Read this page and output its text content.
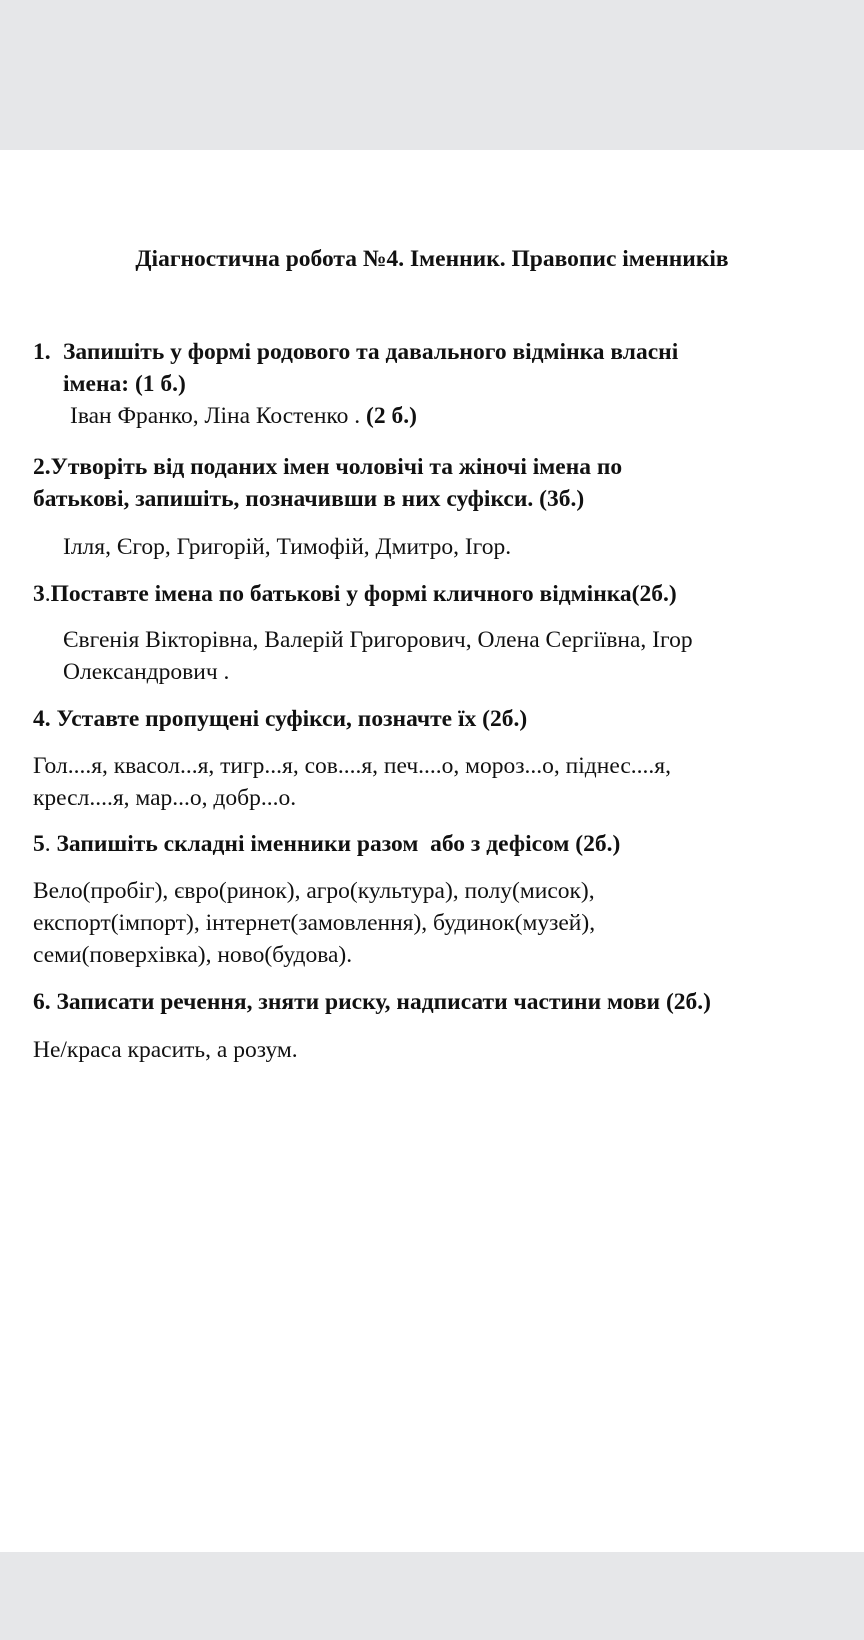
Діагностична робота №4. Іменник. Правопис іменників
1. Запишіть у формі родового та давального відмінка власні
імена: (1 б.)
Іван Франко, Ліна Костенко . (2 б.)
2.Утворіть від поданих імен чоловічі та жіночі імена по
батькові, запишіть, позначивши в них суфікси. (3б.)
Ілля, Єгор, Григорій, Тимофій, Дмитро, Ігор.
3.Поставте імена по батькові у формі кличного відмінка(2б.)
Євгенія Вікторівна, Валерій Григорович, Олена Сергіївна, Ігор
Олександрович .
4. Уставте пропущені суфікси, позначте їх (2б.)
Гол....я, квасол...я, тигр...я, сов....я, печ....о, мороз...о, піднес....я,
кресл....я, мар...о, добр...о.
5. Запишіть складні іменники разом  або з дефісом (2б.)
Вело(пробіг), євро(ринок), агро(культура), полу(мисок),
експорт(імпорт), інтернет(замовлення), будинок(музей),
семи(поверхівка), ново(будова).
6. Записати речення, зняти риску, надписати частини мови (2б.)
Не/краса красить, а розум.
